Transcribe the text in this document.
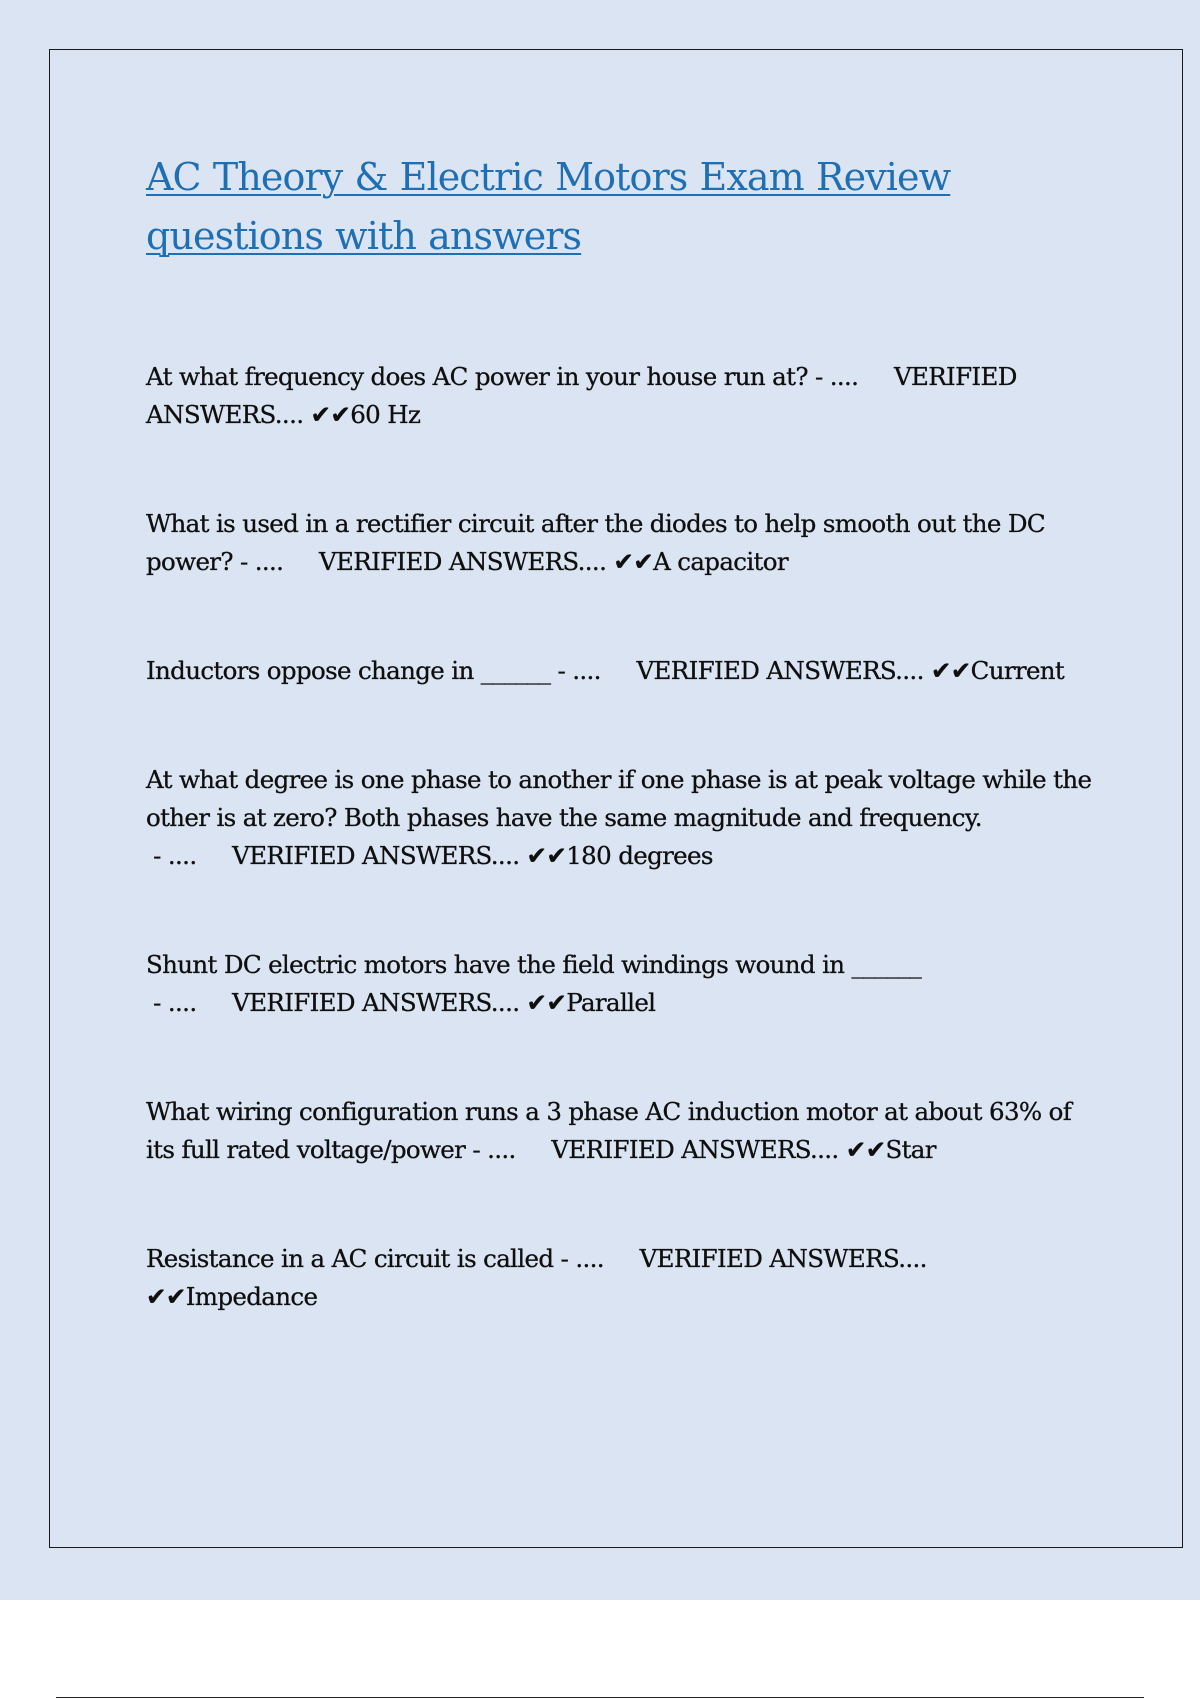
AC Theory & Electric Motors Exam Review questions with answers

At what frequency does AC power in your house run at? - ....     VERIFIED ANSWERS.... ✔✔60 Hz

What is used in a rectifier circuit after the diodes to help smooth out the DC power? - ....     VERIFIED ANSWERS.... ✔✔A capacitor

Inductors oppose change in ______ - ....     VERIFIED ANSWERS.... ✔✔Current

At what degree is one phase to another if one phase is at peak voltage while the other is at zero? Both phases have the same magnitude and frequency. - ....     VERIFIED ANSWERS.... ✔✔180 degrees

Shunt DC electric motors have the field windings wound in ______ - ....     VERIFIED ANSWERS.... ✔✔Parallel

What wiring configuration runs a 3 phase AC induction motor at about 63% of its full rated voltage/power - ....     VERIFIED ANSWERS.... ✔✔Star

Resistance in a AC circuit is called - ....     VERIFIED ANSWERS.... ✔✔Impedance
